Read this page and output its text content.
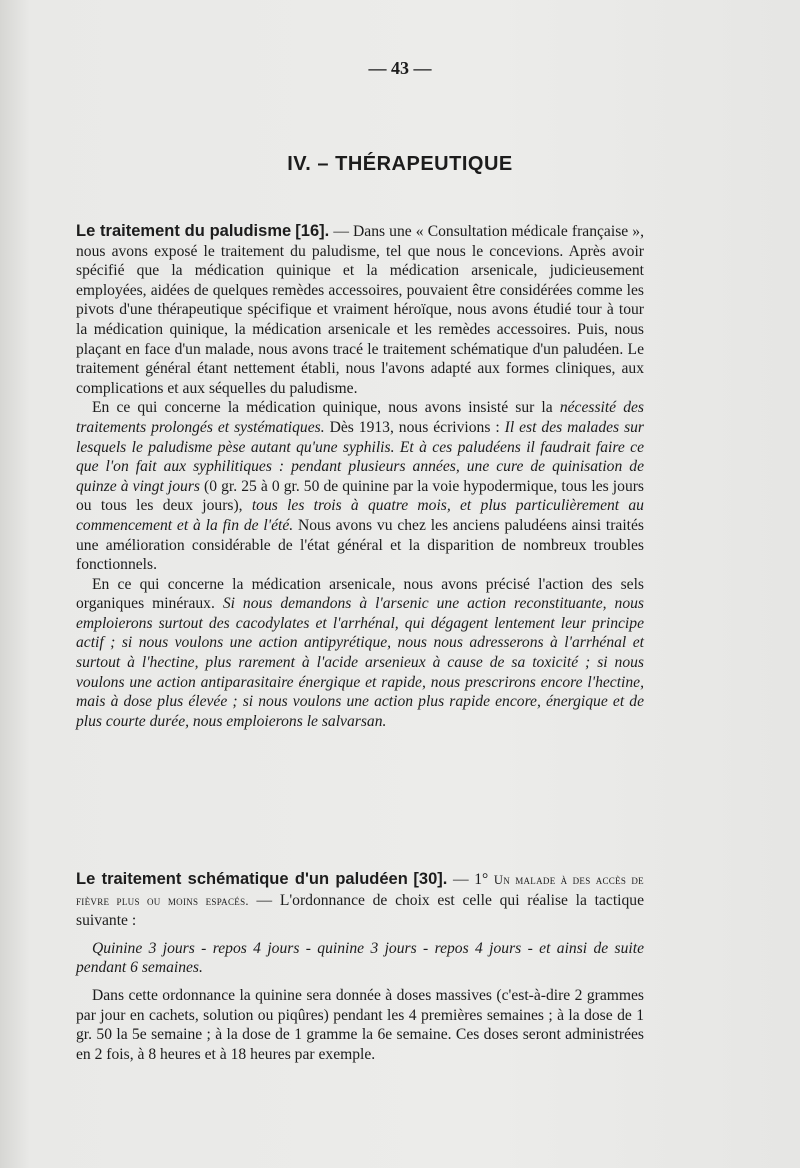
— 43 —
IV. – THÉRAPEUTIQUE

Le traitement du paludisme [16]. — Dans une « Consultation médicale française », nous avons exposé le traitement du paludisme, tel que nous le concevions. Après avoir spécifié que la médication quinique et la médication arsenicale, judicieusement employées, aidées de quelques remèdes accessoires, pouvaient être considérées comme les pivots d'une thérapeutique spécifique et vraiment héroïque, nous avons étudié tour à tour la médication quinique, la médication arsenicale et les remèdes accessoires. Puis, nous plaçant en face d'un malade, nous avons tracé le traitement schématique d'un paludéen. Le traitement général étant nettement établi, nous l'avons adapté aux formes cliniques, aux complications et aux séquelles du paludisme.

En ce qui concerne la médication quinique, nous avons insisté sur la nécessité des traitements prolongés et systématiques. Dès 1913, nous écrivions : Il est des malades sur lesquels le paludisme pèse autant qu'une syphilis. Et à ces paludéens il faudrait faire ce que l'on fait aux syphilitiques : pendant plusieurs années, une cure de quinisation de quinze à vingt jours (0 gr. 25 à 0 gr. 50 de quinine par la voie hypodermique, tous les jours ou tous les deux jours), tous les trois à quatre mois, et plus particulièrement au commencement et à la fin de l'été. Nous avons vu chez les anciens paludéens ainsi traités une amélioration considérable de l'état général et la disparition de nombreux troubles fonctionnels.

En ce qui concerne la médication arsenicale, nous avons précisé l'action des sels organiques minéraux. Si nous demandons à l'arsenic une action reconstituante, nous emploierons surtout des cacodylates et l'arrhénal, qui dégagent lentement leur principe actif ; si nous voulons une action antipyrétique, nous nous adresserons à l'arrhénal et surtout à l'hectine, plus rarement à l'acide arsenieux à cause de sa toxicité ; si nous voulons une action antiparasitaire énergique et rapide, nous prescrirons encore l'hectine, mais à dose plus élevée ; si nous voulons une action plus rapide encore, énergique et de plus courte durée, nous emploierons le salvarsan.

Le traitement schématique d'un paludéen [30]. — 1° Un malade à des accès de fièvre plus ou moins espacés. — L'ordonnance de choix est celle qui réalise la tactique suivante :

Quinine 3 jours - repos 4 jours - quinine 3 jours - repos 4 jours - et ainsi de suite pendant 6 semaines.

Dans cette ordonnance la quinine sera donnée à doses massives (c'est-à-dire 2 grammes par jour en cachets, solution ou piqûres) pendant les 4 premières semaines ; à la dose de 1 gr. 50 la 5e semaine ; à la dose de 1 gramme la 6e semaine. Ces doses seront administrées en 2 fois, à 8 heures et à 18 heures par exemple.
